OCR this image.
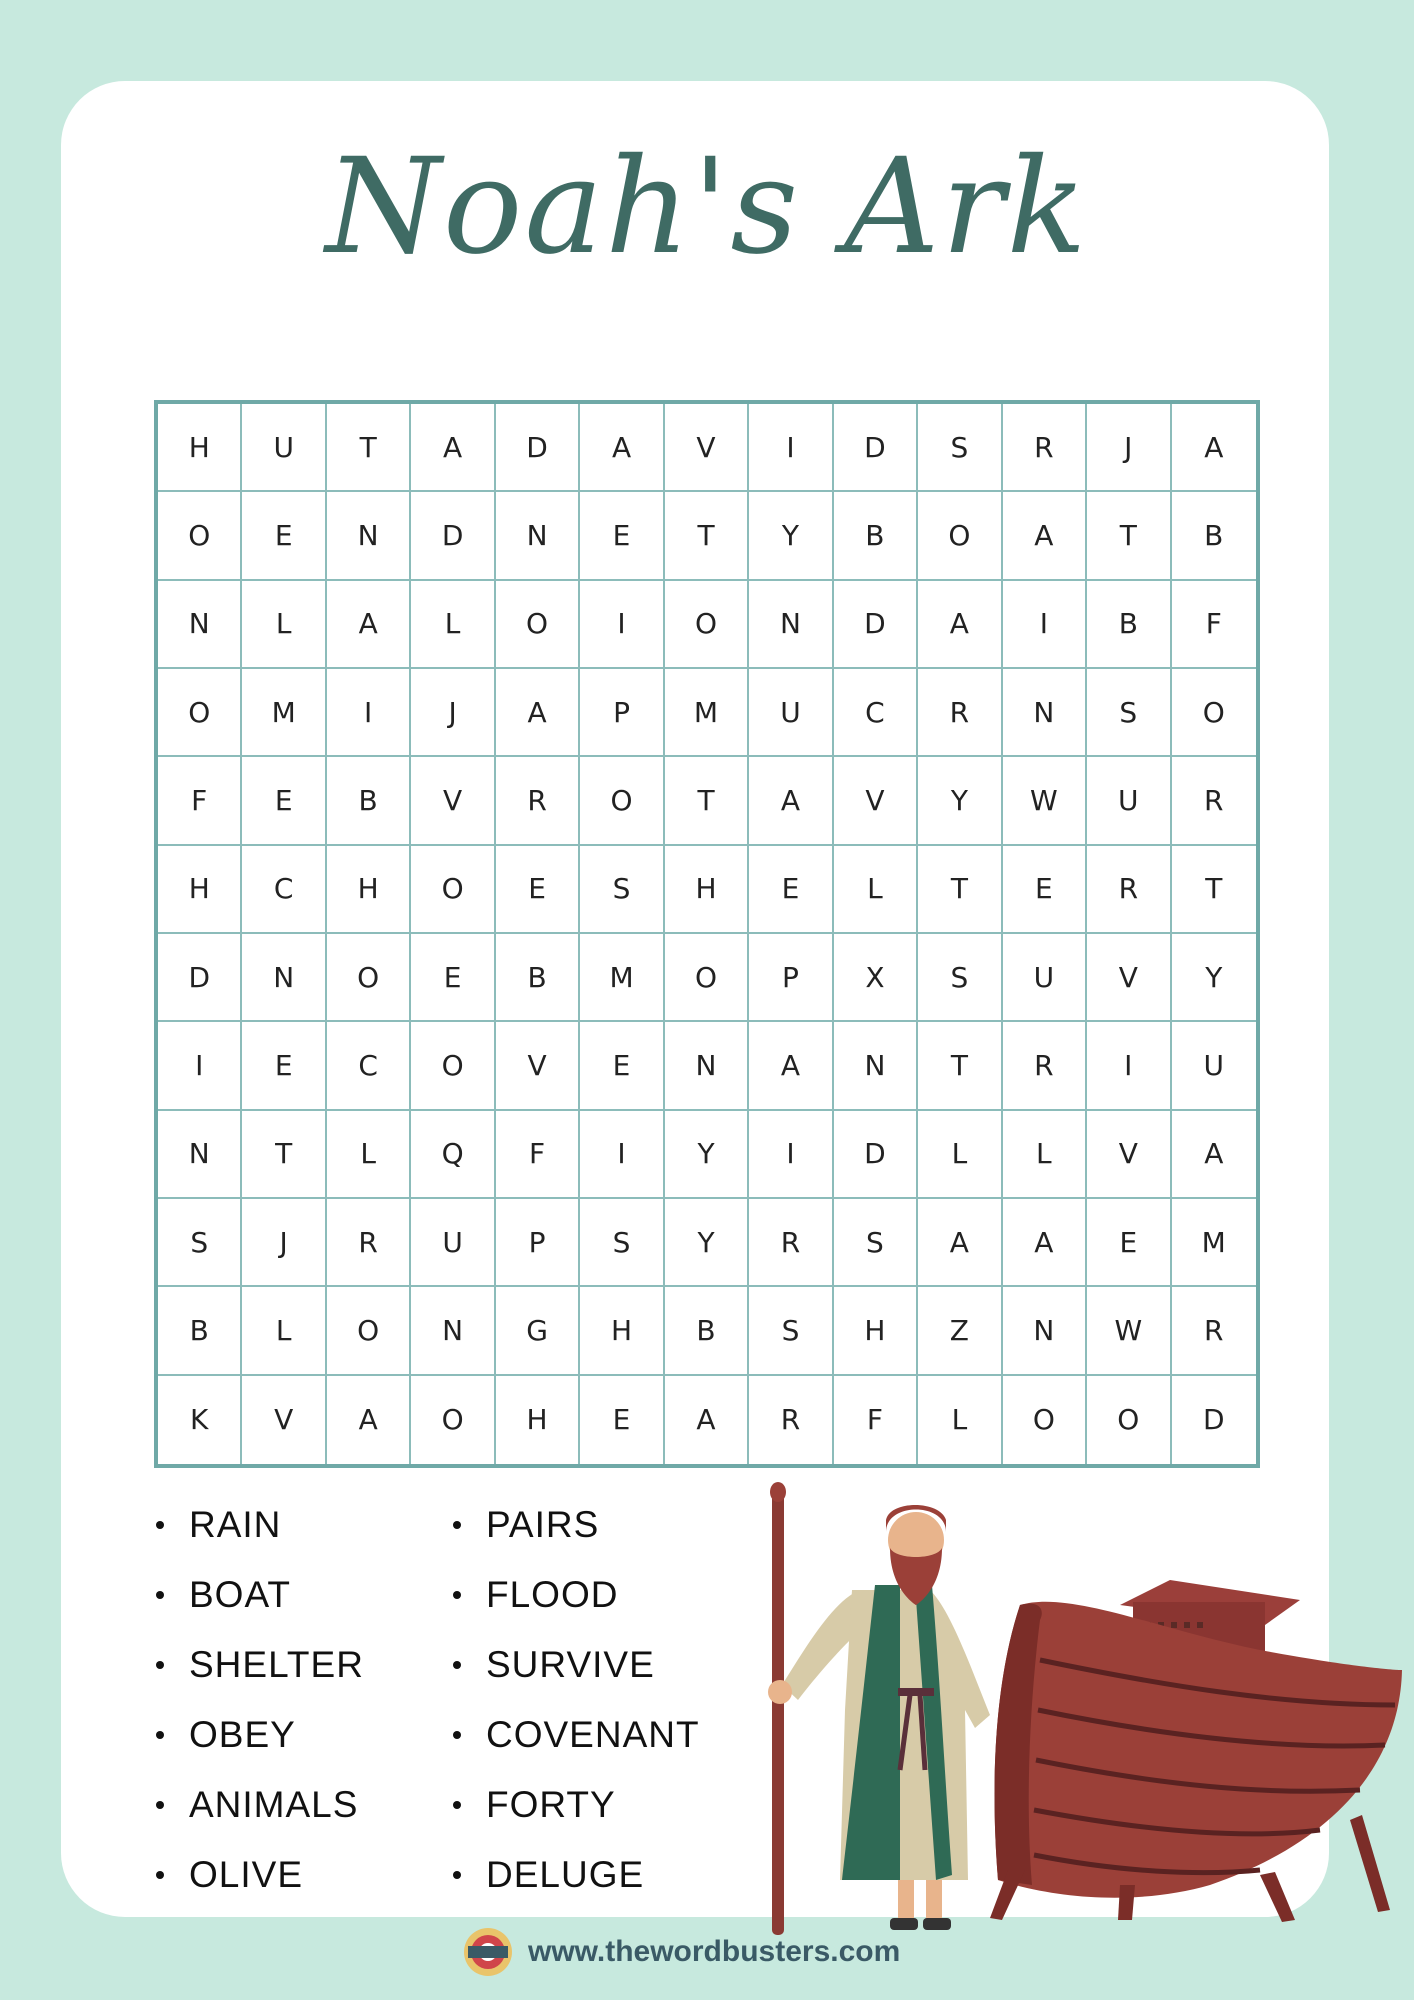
Noah's Ark
H	U	T	A	D	A	V	I	D	S	R	J	A
O	E	N	D	N	E	T	Y	B	O	A	T	B
N	L	A	L	O	I	O	N	D	A	I	B	F
O	M	I	J	A	P	M	U	C	R	N	S	O
F	E	B	V	R	O	T	A	V	Y	W	U	R
H	C	H	O	E	S	H	E	L	T	E	R	T
D	N	O	E	B	M	O	P	X	S	U	V	Y
I	E	C	O	V	E	N	A	N	T	R	I	U
N	T	L	Q	F	I	Y	I	D	L	L	V	A
S	J	R	U	P	S	Y	R	S	A	A	E	M
B	L	O	N	G	H	B	S	H	Z	N	W	R
K	V	A	O	H	E	A	R	F	L	O	O	D
RAIN
BOAT
SHELTER
OBEY
ANIMALS
OLIVE
PAIRS
FLOOD
SURVIVE
COVENANT
FORTY
DELUGE
www.thewordbusters.com
